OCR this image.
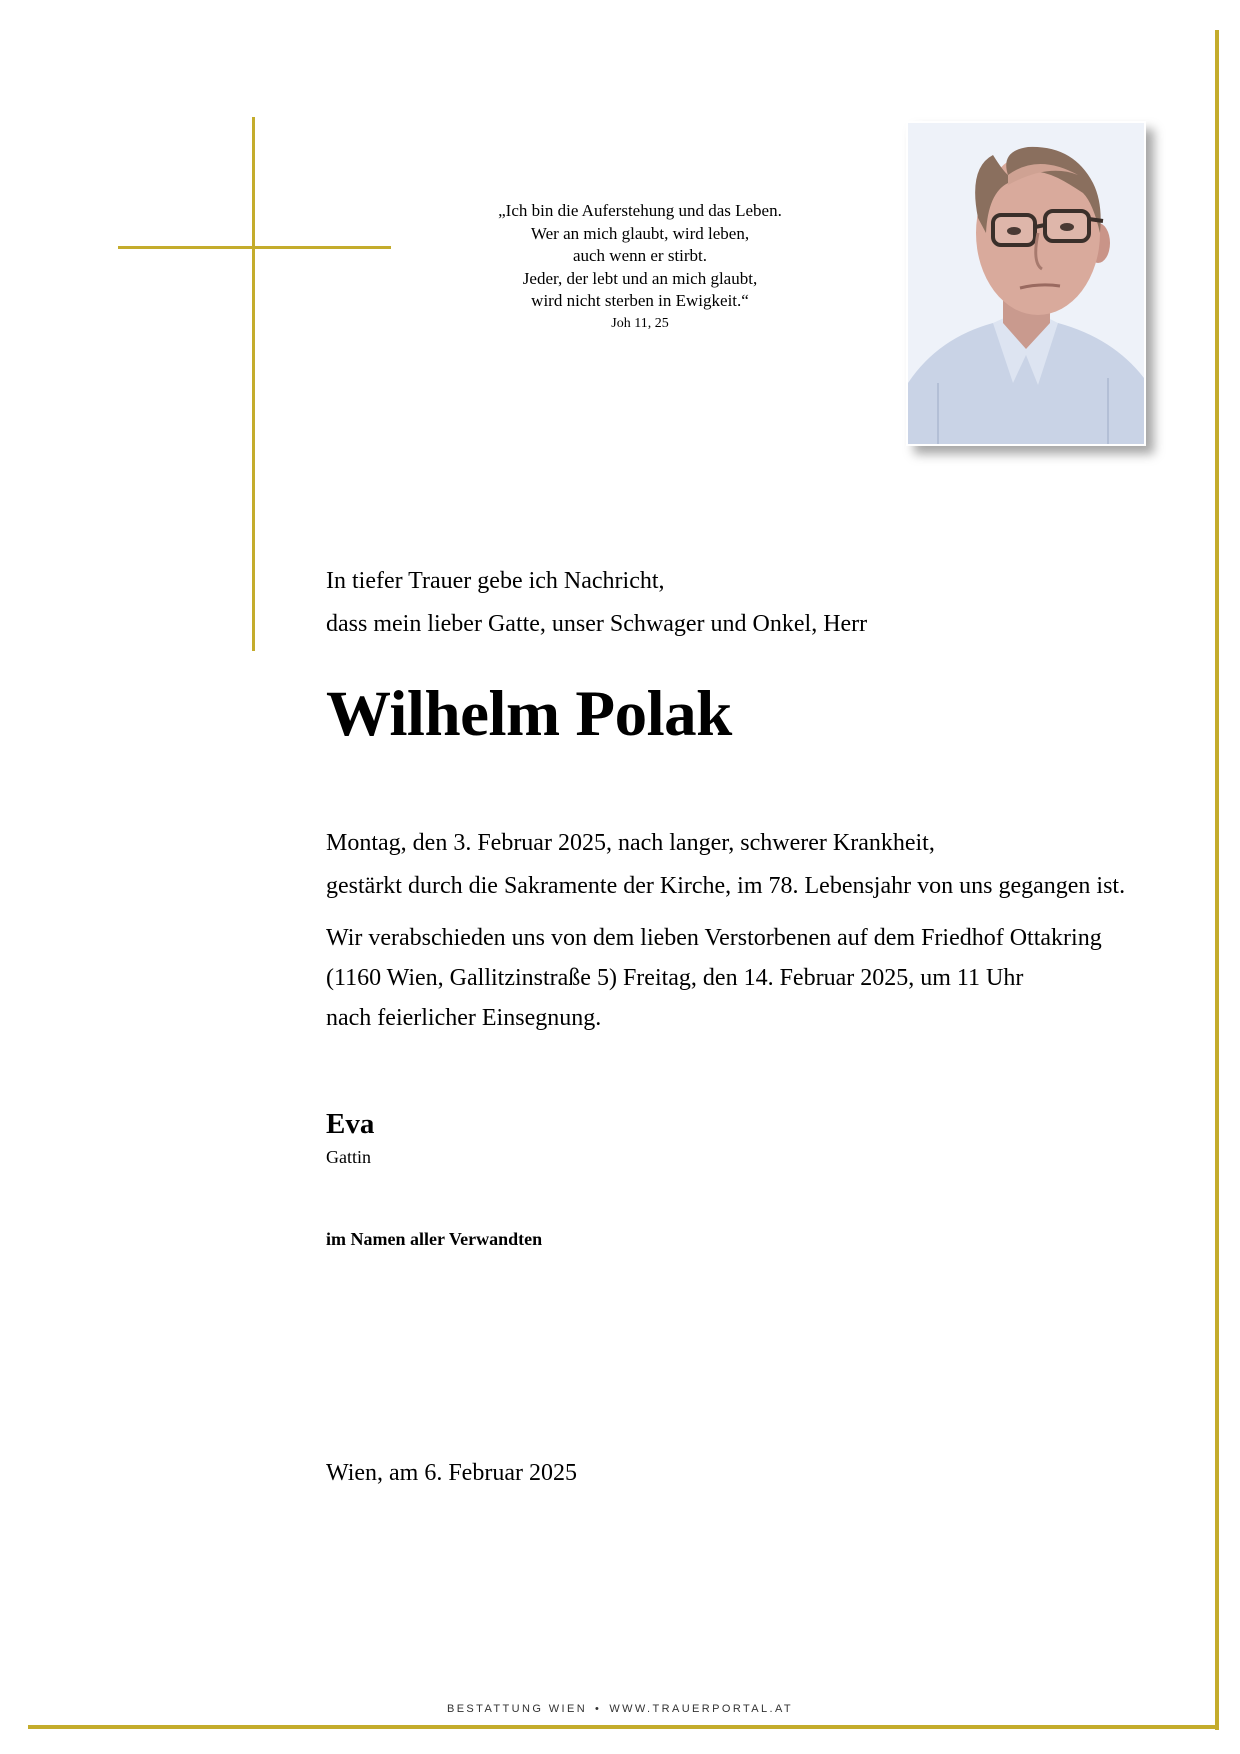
„Ich bin die Auferstehung und das Leben.
Wer an mich glaubt, wird leben,
auch wenn er stirbt.
Jeder, der lebt und an mich glaubt,
wird nicht sterben in Ewigkeit.“
Joh 11, 25
In tiefer Trauer gebe ich Nachricht,
dass mein lieber Gatte, unser Schwager und Onkel, Herr
Wilhelm Polak

Montag, den 3. Februar 2025, nach langer, schwerer Krankheit,

gestärkt durch die Sakramente der Kirche, im 78. Lebensjahr von uns gegangen ist.

Wir verabschieden uns von dem lieben Verstorbenen auf dem Friedhof Ottakring

(1160 Wien, Gallitzinstraße 5) Freitag, den 14. Februar 2025, um 11 Uhr

nach feierlicher Einsegnung.

Eva
Gattin
im Namen aller Verwandten
Wien, am 6. Februar 2025
BESTATTUNG WIEN • WWW.TRAUERPORTAL.AT
